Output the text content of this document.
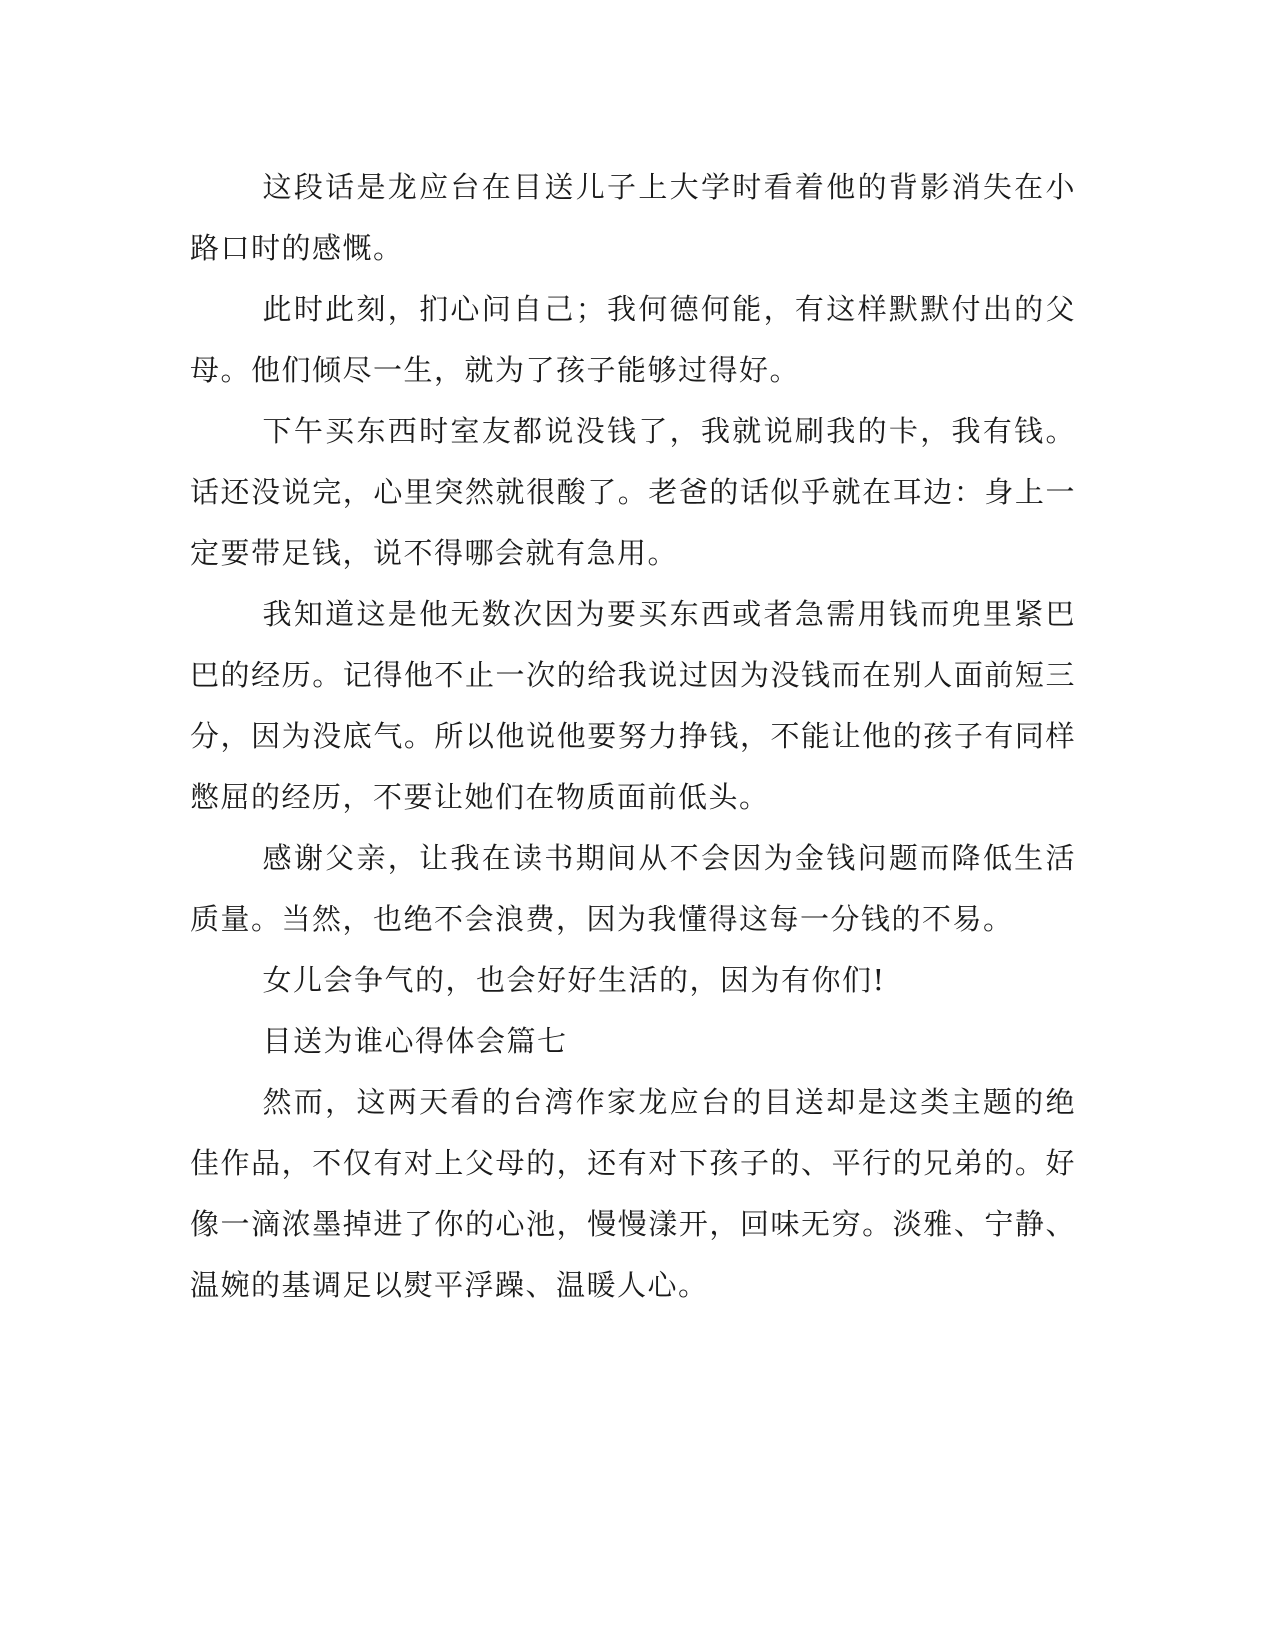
这段话是龙应台在目送儿子上大学时看着他的背影消失在小路口时的感慨。

此时此刻，扪心问自己；我何德何能，有这样默默付出的父母。他们倾尽一生，就为了孩子能够过得好。

下午买东西时室友都说没钱了，我就说刷我的卡，我有钱。话还没说完，心里突然就很酸了。老爸的话似乎就在耳边：身上一定要带足钱，说不得哪会就有急用。

我知道这是他无数次因为要买东西或者急需用钱而兜里紧巴巴的经历。记得他不止一次的给我说过因为没钱而在别人面前短三分，因为没底气。所以他说他要努力挣钱，不能让他的孩子有同样憋屈的经历，不要让她们在物质面前低头。

感谢父亲，让我在读书期间从不会因为金钱问题而降低生活质量。当然，也绝不会浪费，因为我懂得这每一分钱的不易。

女儿会争气的，也会好好生活的，因为有你们!

目送为谁心得体会篇七

然而，这两天看的台湾作家龙应台的目送却是这类主题的绝佳作品，不仅有对上父母的，还有对下孩子的、平行的兄弟的。好像一滴浓墨掉进了你的心池，慢慢漾开，回味无穷。淡雅、宁静、温婉的基调足以熨平浮躁、温暖人心。
